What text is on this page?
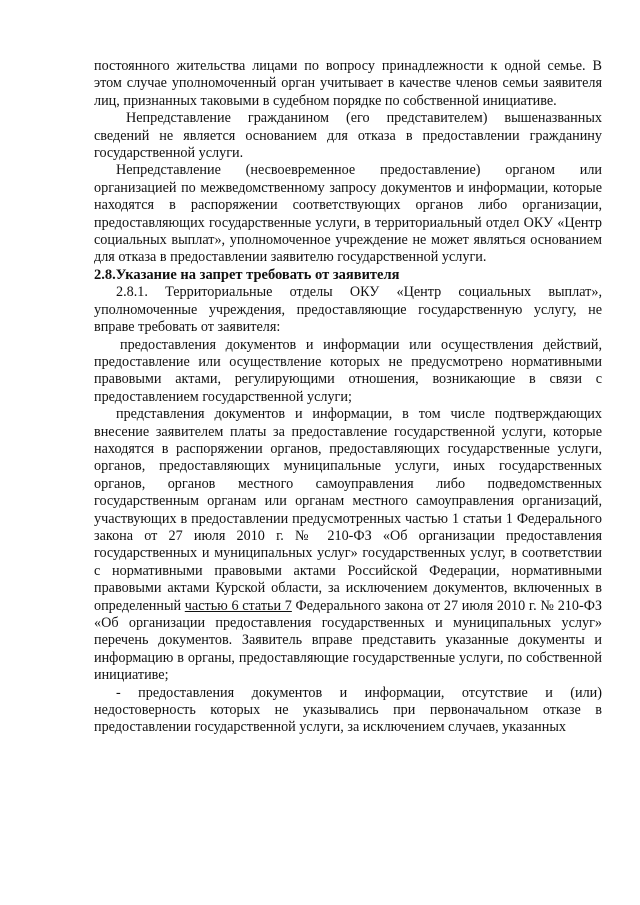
постоянного жительства лицами по вопросу принадлежности к одной семье. В этом случае уполномоченный орган учитывает в качестве членов семьи заявителя лиц, признанных таковыми в судебном порядке по собственной инициативе.

Непредставление гражданином (его представителем) вышеназванных сведений не является основанием для отказа в предоставлении гражданину государственной услуги.

Непредставление (несвоевременное предоставление) органом или организацией по межведомственному запросу документов и информации, которые находятся в распоряжении соответствующих органов либо организации, предоставляющих государственные услуги, в территориальный отдел ОКУ «Центр социальных выплат», уполномоченное учреждение не может являться основанием для отказа в предоставлении заявителю государственной услуги.

2.8.Указание на запрет требовать от заявителя

2.8.1. Территориальные отделы ОКУ «Центр социальных выплат», уполномоченные учреждения, предоставляющие государственную услугу, не вправе требовать от заявителя:

предоставления документов и информации или осуществления действий, предоставление или осуществление которых не предусмотрено нормативными правовыми актами, регулирующими отношения, возникающие в связи с предоставлением государственной услуги;

представления документов и информации, в том числе подтверждающих внесение заявителем платы за предоставление государственной услуги, которые находятся в распоряжении органов, предоставляющих государственные услуги, органов, предоставляющих муниципальные услуги, иных государственных органов, органов местного самоуправления либо подведомственных государственным органам или органам местного самоуправления организаций, участвующих в предоставлении предусмотренных частью 1 статьи 1 Федерального закона от 27 июля 2010 г. № 210-ФЗ «Об организации предоставления государственных и муниципальных услуг» государственных услуг, в соответствии с нормативными правовыми актами Российской Федерации, нормативными правовыми актами Курской области, за исключением документов, включенных в определенный частью 6 статьи 7 Федерального закона от 27 июля 2010 г. № 210-ФЗ «Об организации предоставления государственных и муниципальных услуг» перечень документов. Заявитель вправе представить указанные документы и информацию в органы, предоставляющие государственные услуги, по собственной инициативе;

- предоставления документов и информации, отсутствие и (или) недостоверность которых не указывались при первоначальном отказе в предоставлении государственной услуги, за исключением случаев, указанных
